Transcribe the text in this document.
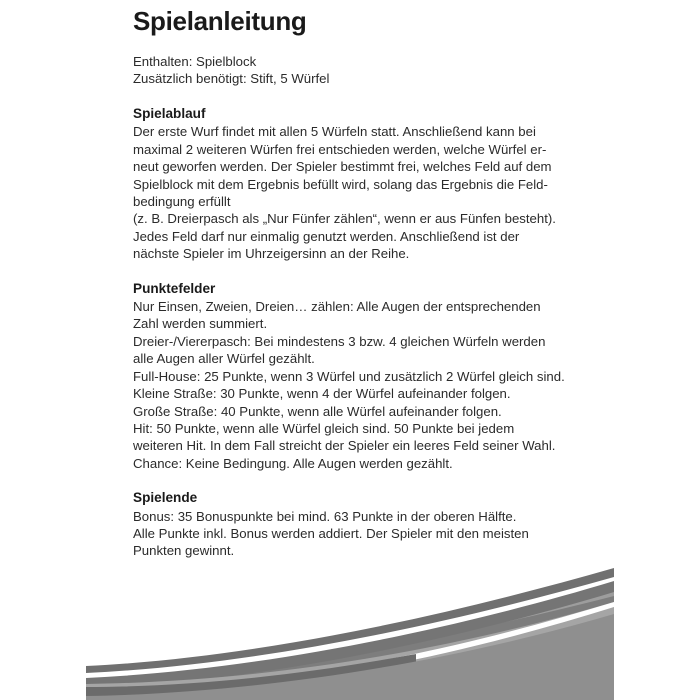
Spielanleitung
Enthalten: Spielblock
Zusätzlich benötigt: Stift, 5 Würfel
Spielablauf
Der erste Wurf findet mit allen 5 Würfeln statt. Anschließend kann bei
maximal 2 weiteren Würfen frei entschieden werden, welche Würfel er-
neut geworfen werden. Der Spieler bestimmt frei, welches Feld auf dem
Spielblock mit dem Ergebnis befüllt wird, solang das Ergebnis die Feld-
bedingung erfüllt
(z. B. Dreierpasch als „Nur Fünfer zählen“, wenn er aus Fünfen besteht).
Jedes Feld darf nur einmalig genutzt werden. Anschließend ist der
nächste Spieler im Uhrzeigersinn an der Reihe.
Punktefelder
Nur Einsen, Zweien, Dreien… zählen: Alle Augen der entsprechenden
Zahl werden summiert.
Dreier-/Viererpasch: Bei mindestens 3 bzw. 4 gleichen Würfeln werden
alle Augen aller Würfel gezählt.
Full-House: 25 Punkte, wenn 3 Würfel und zusätzlich 2 Würfel gleich sind.
Kleine Straße: 30 Punkte, wenn 4 der Würfel aufeinander folgen.
Große Straße: 40 Punkte, wenn alle Würfel aufeinander folgen.
Hit: 50 Punkte, wenn alle Würfel gleich sind. 50 Punkte bei jedem
weiteren Hit. In dem Fall streicht der Spieler ein leeres Feld seiner Wahl.
Chance: Keine Bedingung. Alle Augen werden gezählt.
Spielende
Bonus: 35 Bonuspunkte bei mind. 63 Punkte in der oberen Hälfte.
Alle Punkte inkl. Bonus werden addiert. Der Spieler mit den meisten
Punkten gewinnt.
